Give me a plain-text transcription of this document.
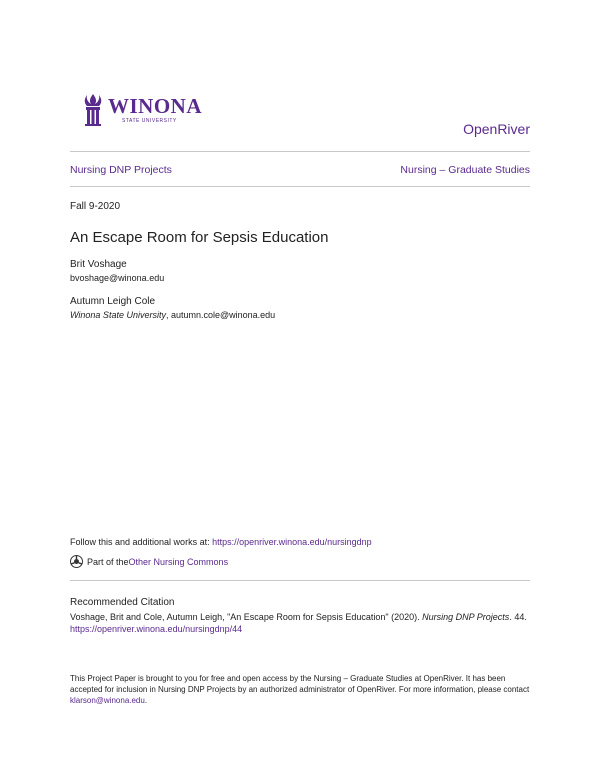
WINONA
STATE UNIVERSITY	OpenRiver
Nursing DNP Projects	Nursing – Graduate Studies
Fall 9-2020
An Escape Room for Sepsis Education
Brit Voshage
bvoshage@winona.edu
Autumn Leigh Cole
Winona State University, autumn.cole@winona.edu
Follow this and additional works at: https://openriver.winona.edu/nursingdnp
Part of the Other Nursing Commons
Recommended Citation
Voshage, Brit and Cole, Autumn Leigh, "An Escape Room for Sepsis Education" (2020). Nursing DNP Projects. 44.
https://openriver.winona.edu/nursingdnp/44
This Project Paper is brought to you for free and open access by the Nursing – Graduate Studies at OpenRiver. It has been accepted for inclusion in Nursing DNP Projects by an authorized administrator of OpenRiver. For more information, please contact klarson@winona.edu.
